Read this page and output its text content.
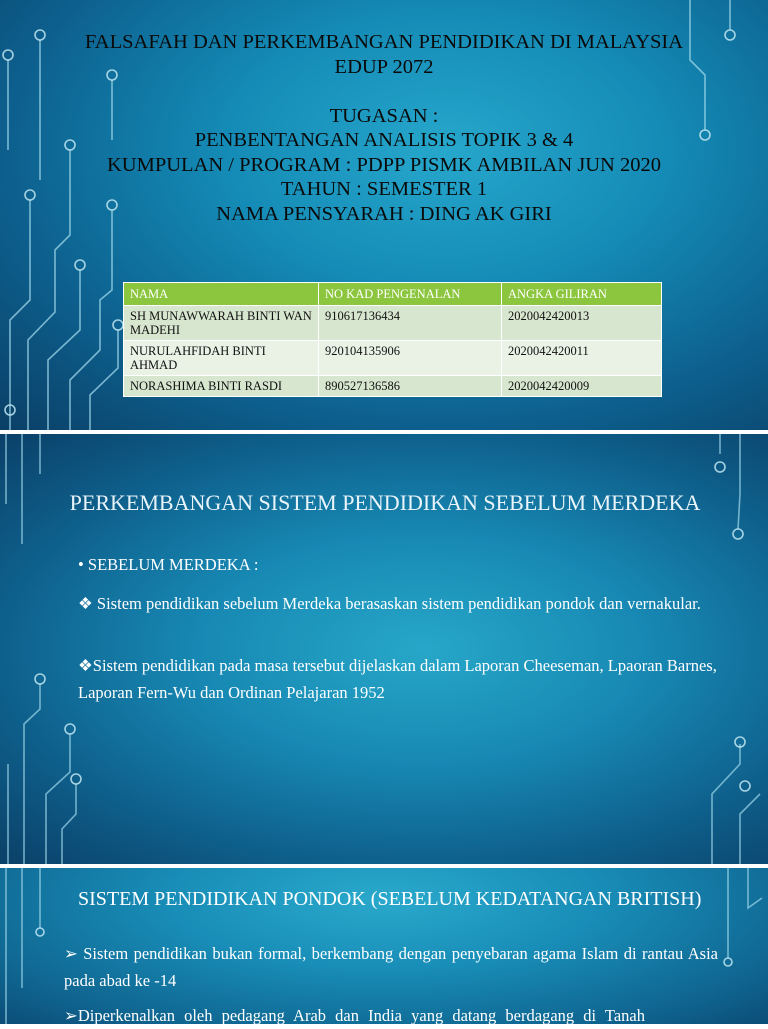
FALSAFAH DAN PERKEMBANGAN PENDIDIKAN DI MALAYSIA
EDUP 2072
TUGASAN :
PENBENTANGAN ANALISIS TOPIK 3 & 4
KUMPULAN / PROGRAM : PDPP PISMK AMBILAN JUN 2020
TAHUN : SEMESTER 1
NAMA PENSYARAH : DING AK GIRI
NAMA	NO KAD PENGENALAN	ANGKA GILIRAN
SH MUNAWWARAH BINTI WAN MADEHI	910617136434	2020042420013
NURULAHFIDAH BINTI AHMAD	920104135906	2020042420011
NORASHIMA BINTI RASDI	890527136586	2020042420009
PERKEMBANGAN SISTEM PENDIDIKAN SEBELUM MERDEKA
• SEBELUM MERDEKA :
❖ Sistem pendidikan sebelum Merdeka berasaskan sistem pendidikan pondok dan vernakular.
❖Sistem pendidikan pada masa tersebut dijelaskan dalam Laporan Cheeseman, Lpaoran Barnes, Laporan Fern-Wu dan Ordinan Pelajaran 1952
SISTEM PENDIDIKAN PONDOK (SEBELUM KEDATANGAN BRITISH)
➢ Sistem pendidikan bukan formal, berkembang dengan penyebaran agama Islam di rantau Asia pada abad ke -14
➢Diperkenalkan oleh pedagang Arab dan India yang datang berdagang di Tanah
